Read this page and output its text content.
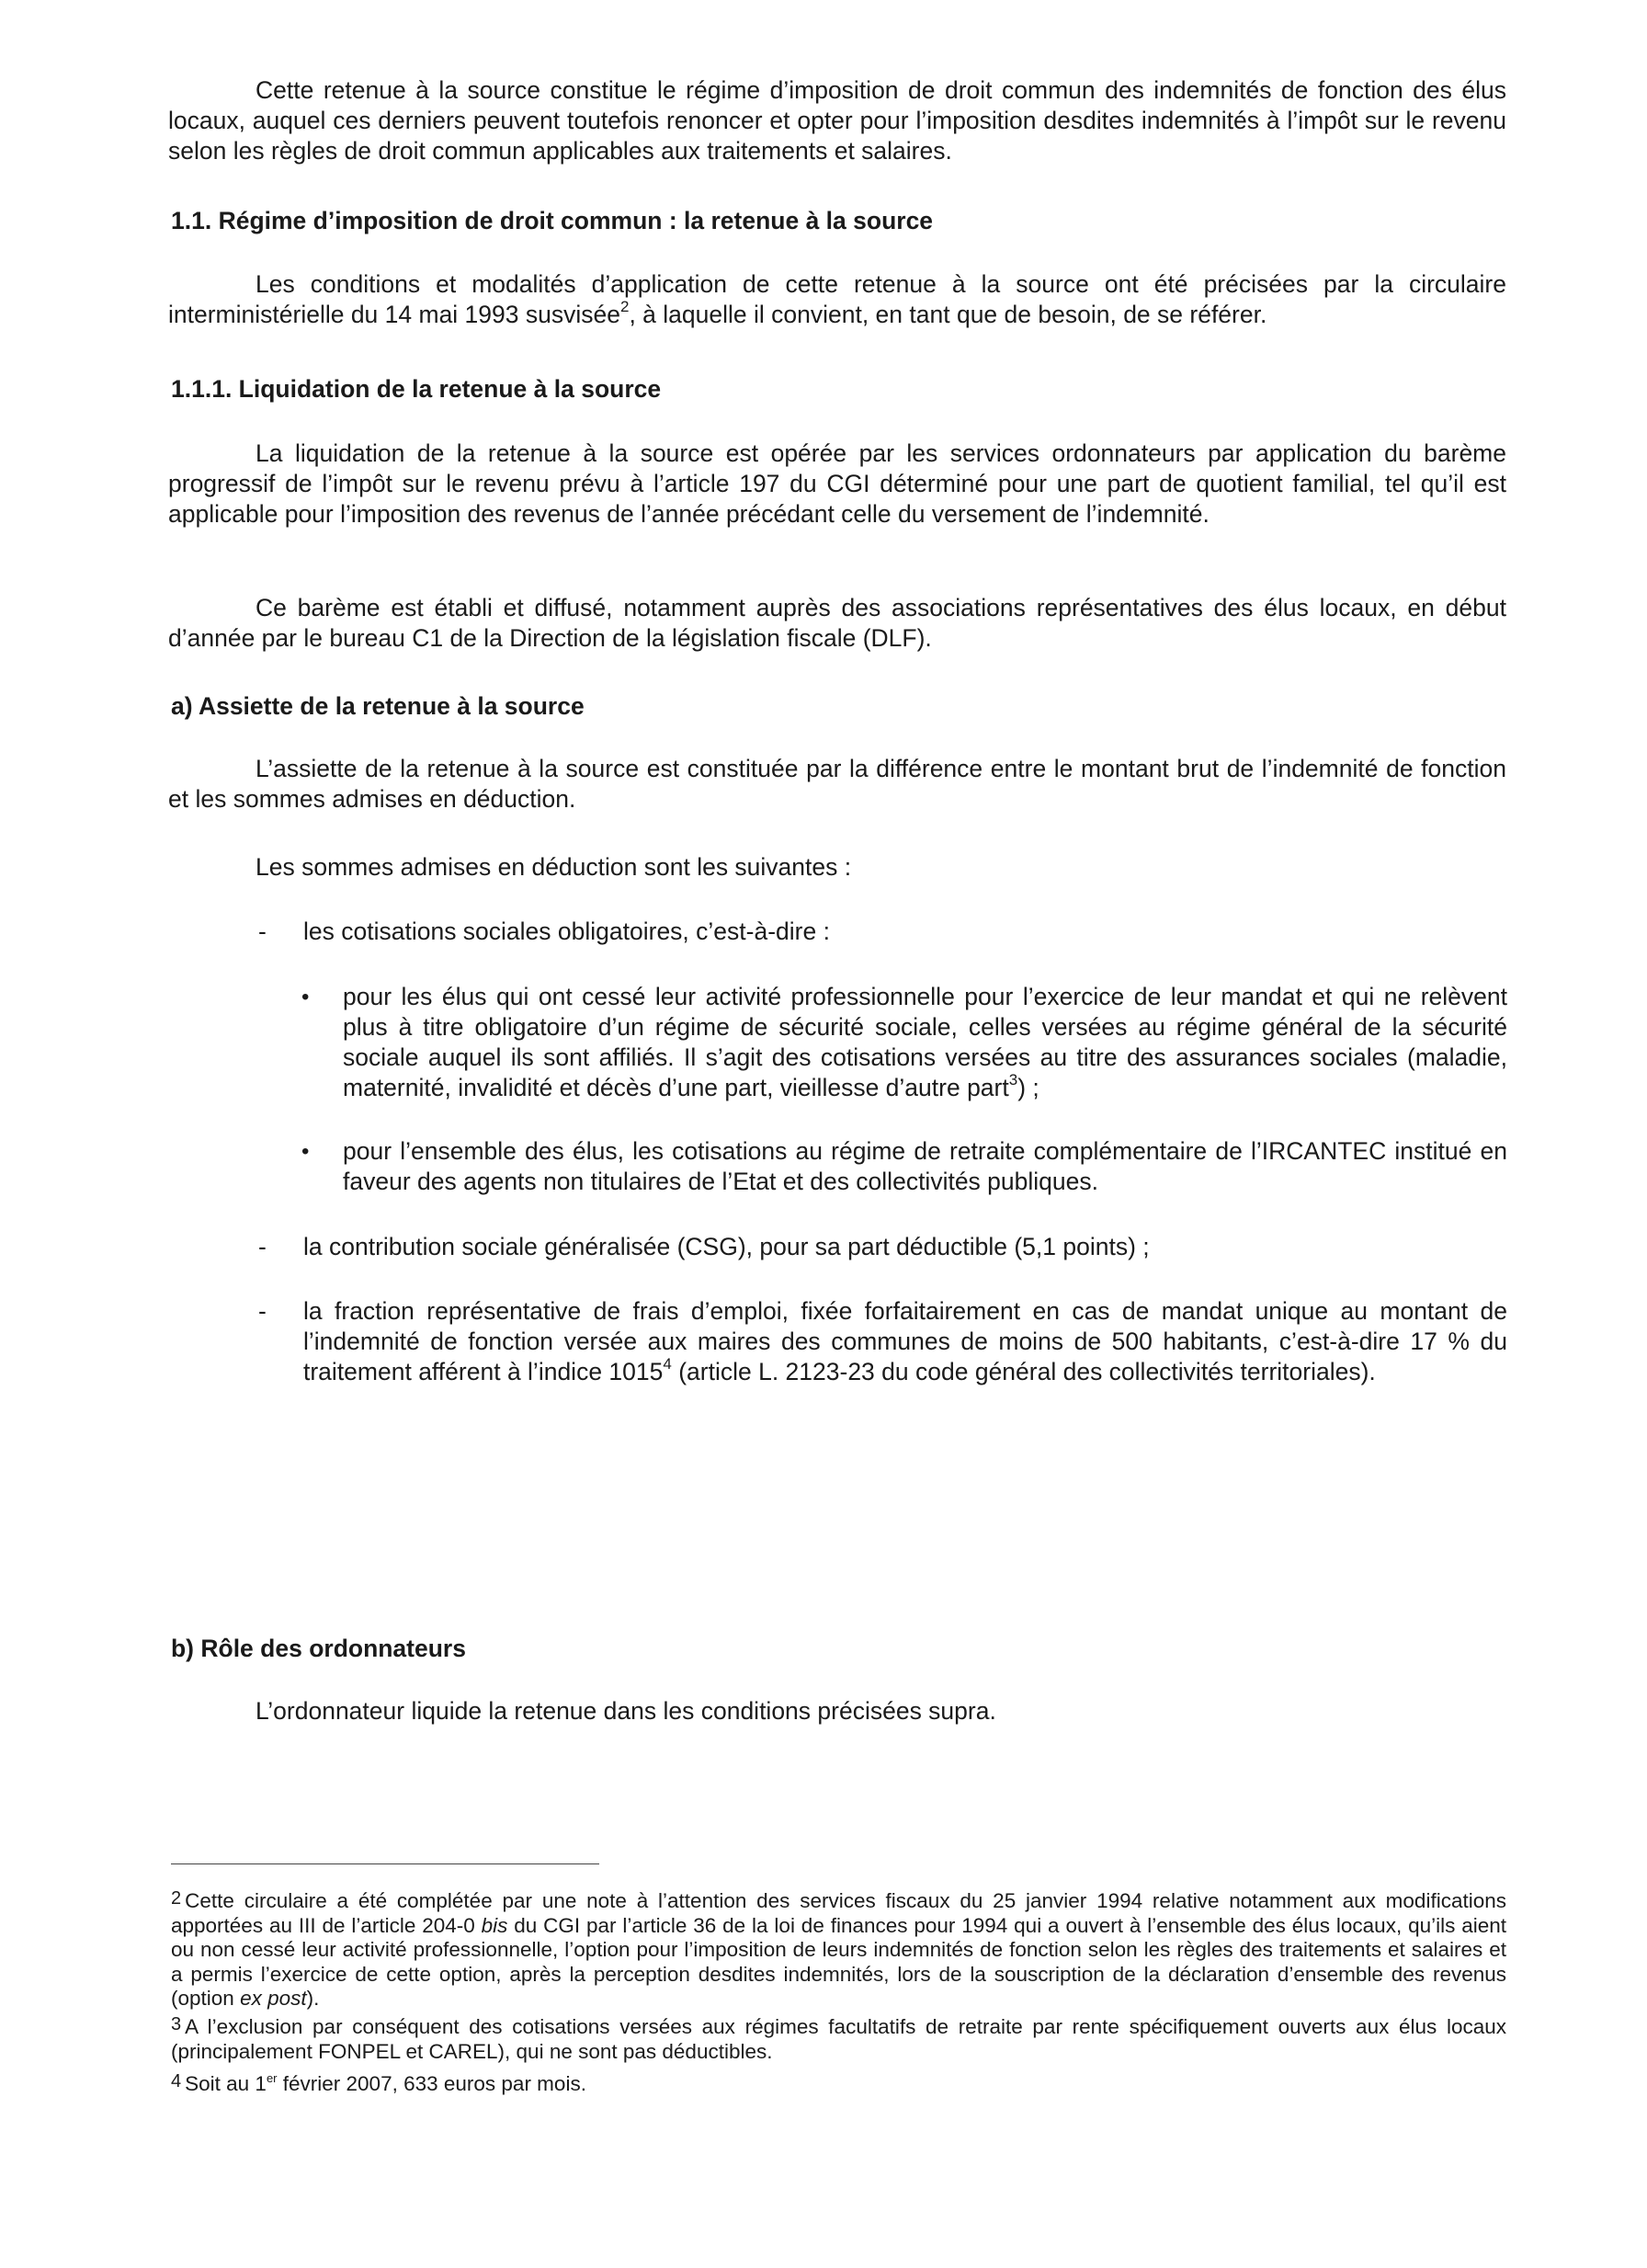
Cette retenue à la source constitue le régime d’imposition de droit commun des indemnités de fonction des élus locaux, auquel ces derniers peuvent toutefois renoncer et opter pour l’imposition desdites indemnités à l’impôt sur le revenu selon les règles de droit commun applicables aux traitements et salaires.

1.1. Régime d’imposition de droit commun : la retenue à la source

Les conditions et modalités d’application de cette retenue à la source ont été précisées par la circulaire interministérielle du 14 mai 1993 susvisée$^2$, à laquelle il convient, en tant que de besoin, de se référer.

1.1.1. Liquidation de la retenue à la source

La liquidation de la retenue à la source est opérée par les services ordonnateurs par application du barème progressif de l’impôt sur le revenu prévu à l’article 197 du CGI déterminé pour une part de quotient familial, tel qu’il est applicable pour l’imposition des revenus de l’année précédant celle du versement de l’indemnité.

Ce barème est établi et diffusé, notamment auprès des associations représentatives des élus locaux, en début d’année par le bureau C1 de la Direction de la législation fiscale (DLF).

a) Assiette de la retenue à la source

L’assiette de la retenue à la source est constituée par la différence entre le montant brut de l’indemnité de fonction et les sommes admises en déduction.

Les sommes admises en déduction sont les suivantes :

- les cotisations sociales obligatoires, c’est-à-dire :

• pour les élus qui ont cessé leur activité professionnelle pour l’exercice de leur mandat et qui ne relèvent plus à titre obligatoire d’un régime de sécurité sociale, celles versées au régime général de la sécurité sociale auquel ils sont affiliés. Il s’agit des cotisations versées au titre des assurances sociales (maladie, maternité, invalidité et décès d’une part, vieillesse d’autre part$^3$) ;

• pour l’ensemble des élus, les cotisations au régime de retraite complémentaire de l’IRCANTEC institué en faveur des agents non titulaires de l’Etat et des collectivités publiques.

- la contribution sociale généralisée (CSG), pour sa part déductible (5,1 points) ;

- la fraction représentative de frais d’emploi, fixée forfaitairement en cas de mandat unique au montant de l’indemnité de fonction versée aux maires des communes de moins de 500 habitants, c’est-à-dire 17 % du traitement afférent à l’indice 1015$^4$ (article L. 2123-23 du code général des collectivités territoriales).

b) Rôle des ordonnateurs

L’ordonnateur liquide la retenue dans les conditions précisées supra.

2 Cette circulaire a été complétée par une note à l’attention des services fiscaux du 25 janvier 1994 relative notamment aux modifications apportées au III de l’article 204-0 bis du CGI par l’article 36 de la loi de finances pour 1994 qui a ouvert à l’ensemble des élus locaux, qu’ils aient ou non cessé leur activité professionnelle, l’option pour l’imposition de leurs indemnités de fonction selon les règles des traitements et salaires et a permis l’exercice de cette option, après la perception desdites indemnités, lors de la souscription de la déclaration d’ensemble des revenus (option ex post).

3 A l’exclusion par conséquent des cotisations versées aux régimes facultatifs de retraite par rente spécifiquement ouverts aux élus locaux (principalement FONPEL et CAREL), qui ne sont pas déductibles.

4 Soit au 1er février 2007, 633 euros par mois.
